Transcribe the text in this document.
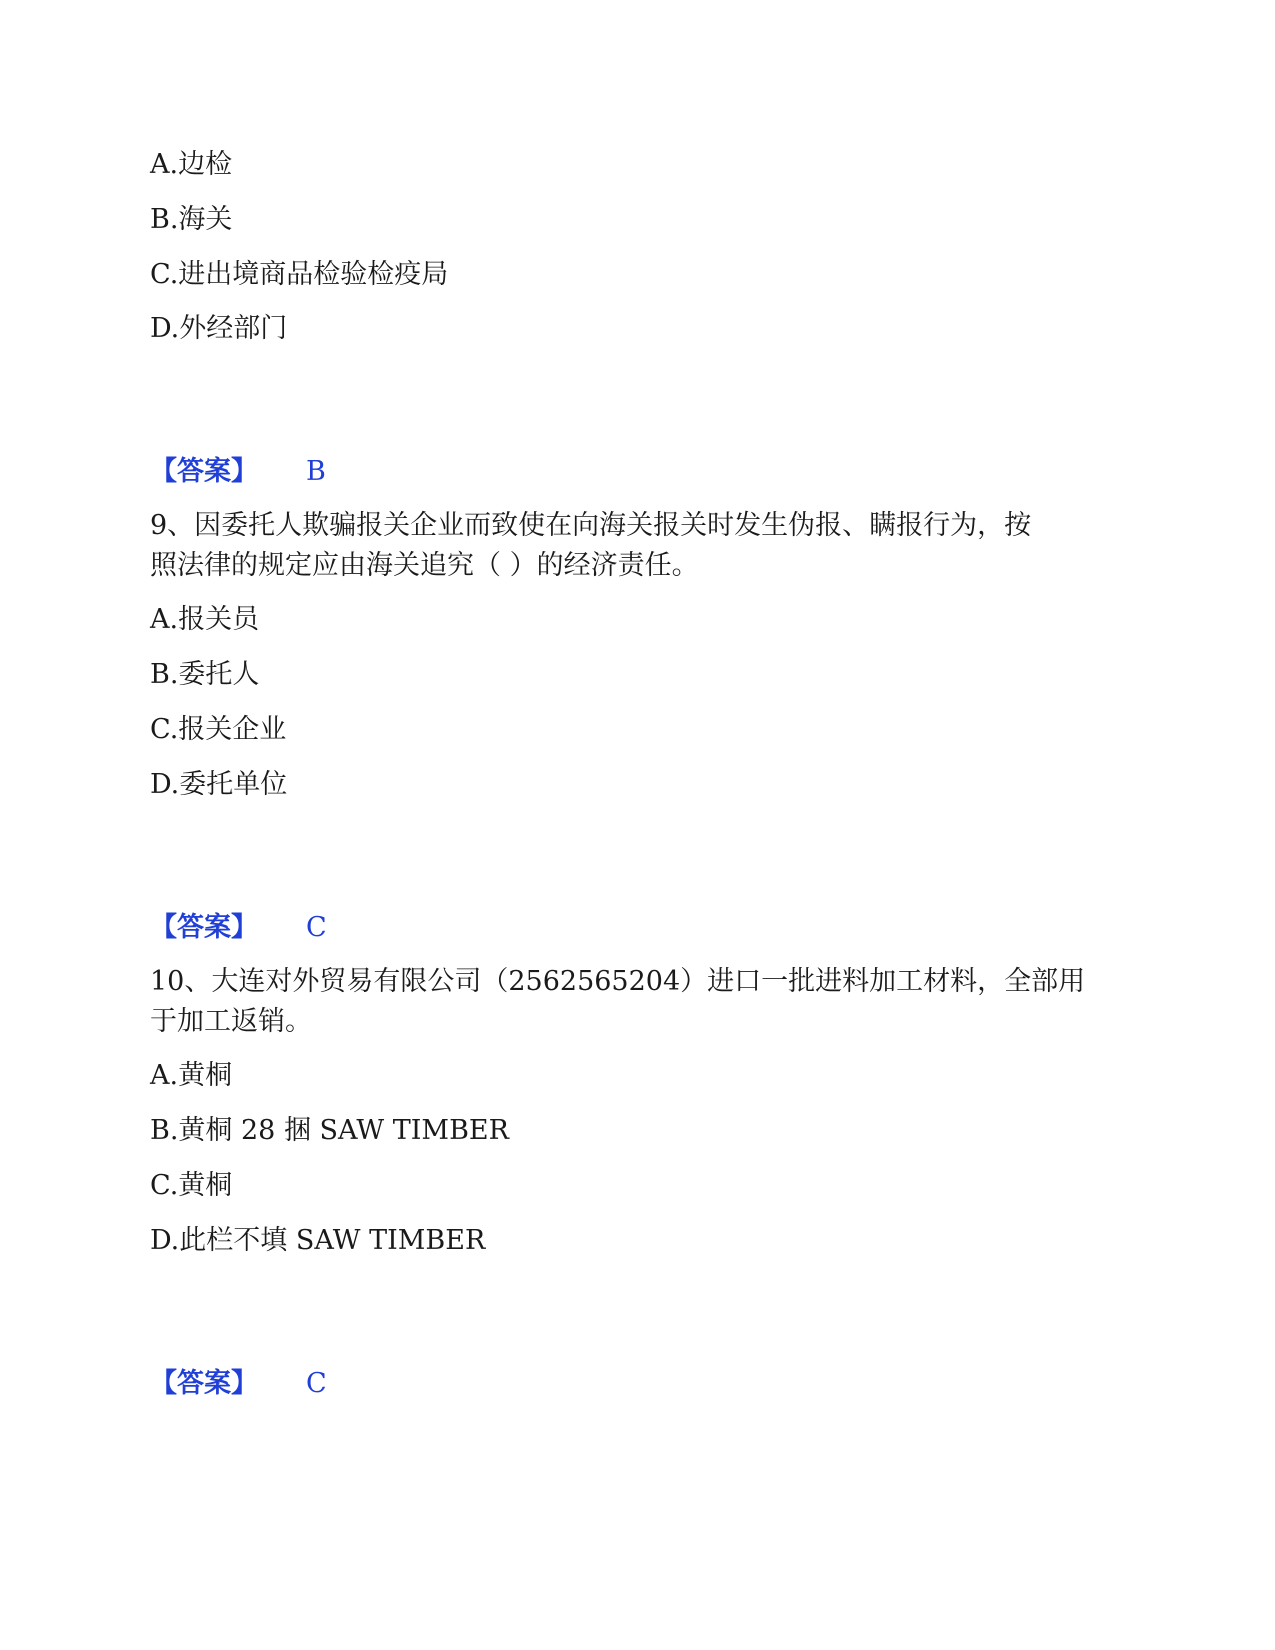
A.边检
B.海关
C.进出境商品检验检疫局
D.外经部门
【答案】 B
9、因委托人欺骗报关企业而致使在向海关报关时发生伪报、瞒报行为，按
照法律的规定应由海关追究（ ）的经济责任。
A.报关员
B.委托人
C.报关企业
D.委托单位
【答案】 C
10、大连对外贸易有限公司（2562565204）进口一批进料加工材料，全部用
于加工返销。
A.黄桐
B.黄桐 28 捆 SAW TIMBER
C.黄桐
D.此栏不填 SAW TIMBER
【答案】 C
